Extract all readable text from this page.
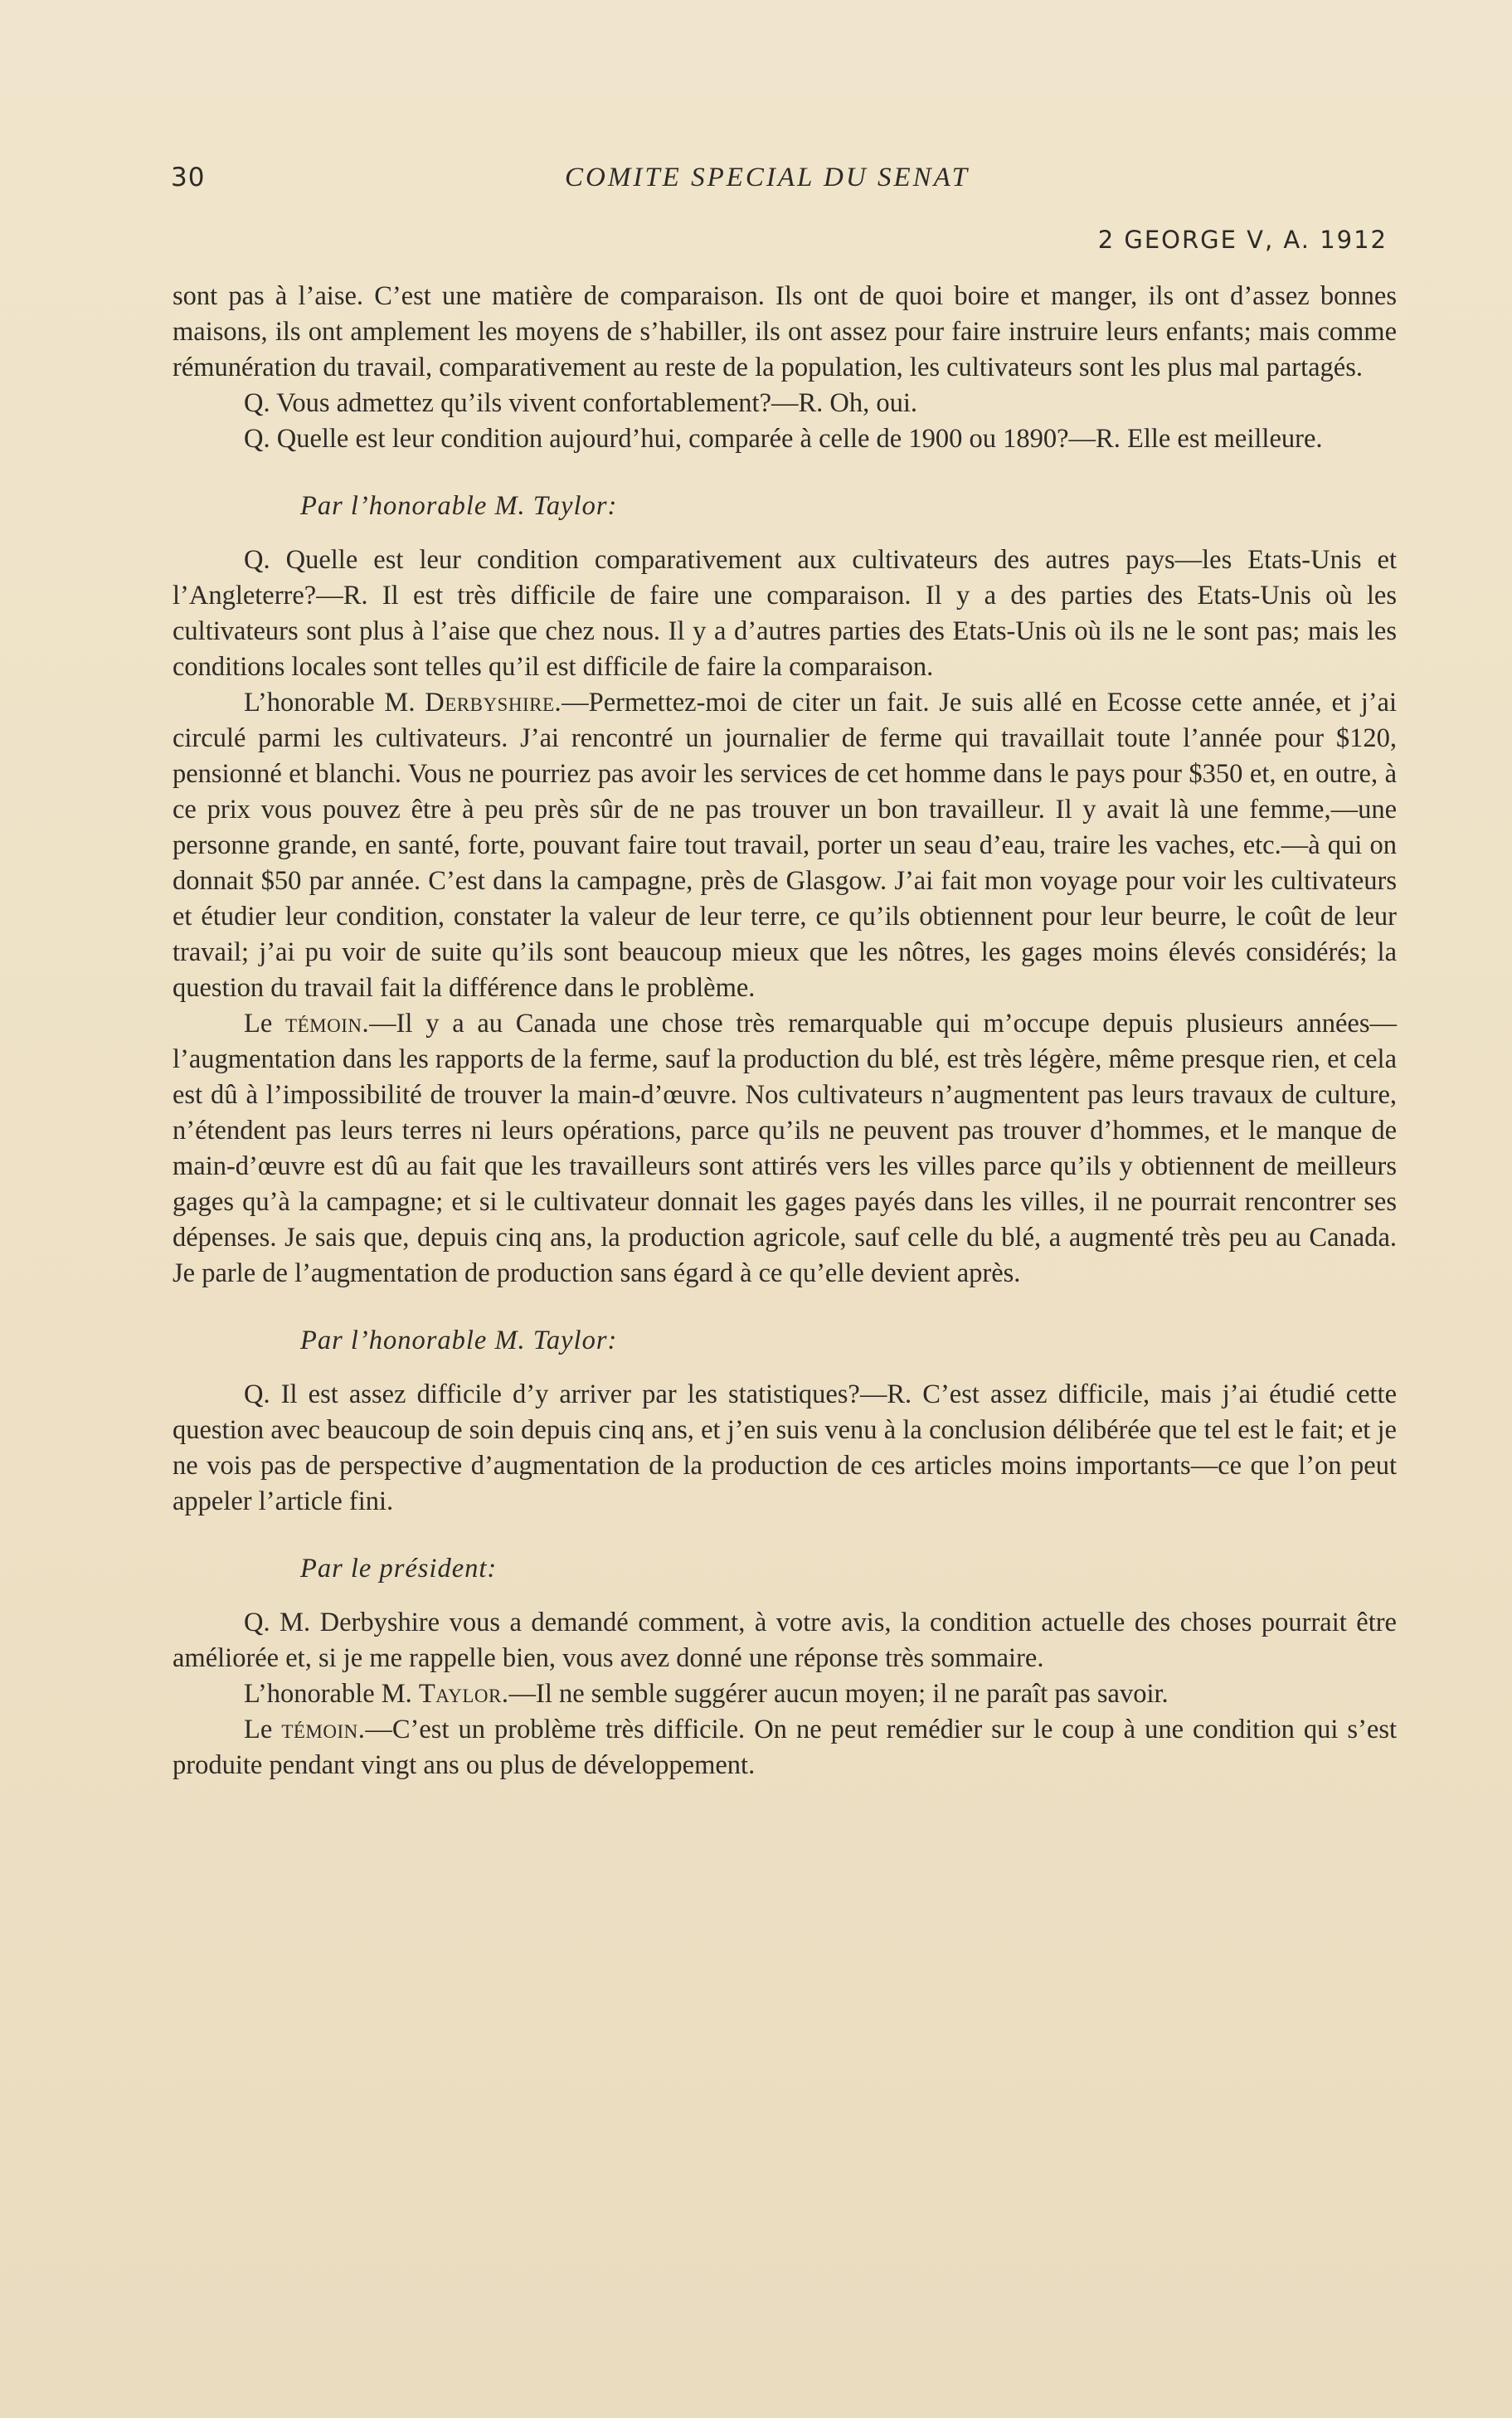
30	COMITE SPECIAL DU SENAT
2 GEORGE V, A. 1912

sont pas à l’aise. C’est une matière de comparaison. Ils ont de quoi boire et manger, ils ont d’assez bonnes maisons, ils ont amplement les moyens de s’habiller, ils ont assez pour faire instruire leurs enfants; mais comme rémunération du travail, comparativement au reste de la population, les cultivateurs sont les plus mal partagés.

Q. Vous admettez qu’ils vivent confortablement?—R. Oh, oui.

Q. Quelle est leur condition aujourd’hui, comparée à celle de 1900 ou 1890?—R. Elle est meilleure.

Par l’honorable M. Taylor:

Q. Quelle est leur condition comparativement aux cultivateurs des autres pays—les Etats-Unis et l’Angleterre?—R. Il est très difficile de faire une comparaison. Il y a des parties des Etats-Unis où les cultivateurs sont plus à l’aise que chez nous. Il y a d’autres parties des Etats-Unis où ils ne le sont pas; mais les conditions locales sont telles qu’il est difficile de faire la comparaison.

L’honorable M. Derbyshire.—Permettez-moi de citer un fait. Je suis allé en Ecosse cette année, et j’ai circulé parmi les cultivateurs. J’ai rencontré un journalier de ferme qui travaillait toute l’année pour $120, pensionné et blanchi. Vous ne pourriez pas avoir les services de cet homme dans le pays pour $350 et, en outre, à ce prix vous pouvez être à peu près sûr de ne pas trouver un bon travailleur. Il y avait là une femme,—une personne grande, en santé, forte, pouvant faire tout travail, porter un seau d’eau, traire les vaches, etc.—à qui on donnait $50 par année. C’est dans la campagne, près de Glasgow. J’ai fait mon voyage pour voir les cultivateurs et étudier leur condition, constater la valeur de leur terre, ce qu’ils obtiennent pour leur beurre, le coût de leur travail; j’ai pu voir de suite qu’ils sont beaucoup mieux que les nôtres, les gages moins élevés considérés; la question du travail fait la différence dans le problème.

Le témoin.—Il y a au Canada une chose très remarquable qui m’occupe depuis plusieurs années—l’augmentation dans les rapports de la ferme, sauf la production du blé, est très légère, même presque rien, et cela est dû à l’impossibilité de trouver la main-d’œuvre. Nos cultivateurs n’augmentent pas leurs travaux de culture, n’étendent pas leurs terres ni leurs opérations, parce qu’ils ne peuvent pas trouver d’hommes, et le manque de main-d’œuvre est dû au fait que les travailleurs sont attirés vers les villes parce qu’ils y obtiennent de meilleurs gages qu’à la campagne; et si le cultivateur donnait les gages payés dans les villes, il ne pourrait rencontrer ses dépenses. Je sais que, depuis cinq ans, la production agricole, sauf celle du blé, a augmenté très peu au Canada. Je parle de l’augmentation de production sans égard à ce qu’elle devient après.

Par l’honorable M. Taylor:

Q. Il est assez difficile d’y arriver par les statistiques?—R. C’est assez difficile, mais j’ai étudié cette question avec beaucoup de soin depuis cinq ans, et j’en suis venu à la conclusion délibérée que tel est le fait; et je ne vois pas de perspective d’augmentation de la production de ces articles moins importants—ce que l’on peut appeler l’article fini.

Par le président:

Q. M. Derbyshire vous a demandé comment, à votre avis, la condition actuelle des choses pourrait être améliorée et, si je me rappelle bien, vous avez donné une réponse très sommaire.

L’honorable M. Taylor.—Il ne semble suggérer aucun moyen; il ne paraît pas savoir.

Le témoin.—C’est un problème très difficile. On ne peut remédier sur le coup à une condition qui s’est produite pendant vingt ans ou plus de développement.
